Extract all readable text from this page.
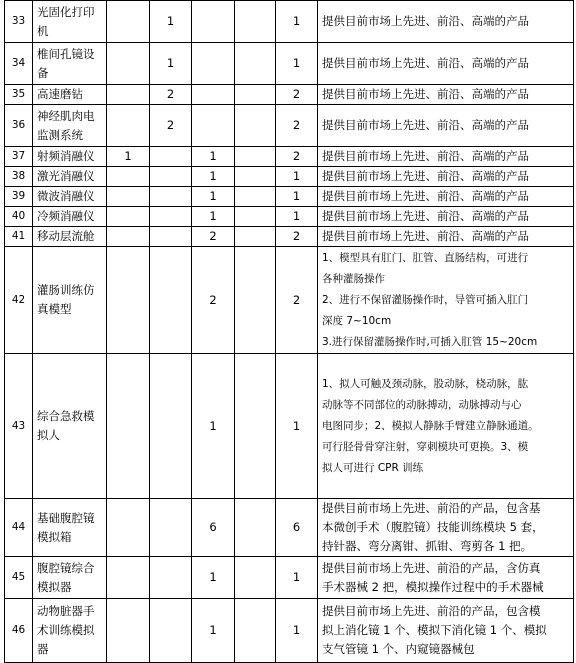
33	光固化打印
机		1			1	提供目前市场上先进、前沿、高端的产品

34	椎间孔镜设
备		1			1	提供目前市场上先进、前沿、高端的产品

35	高速磨钻		2			2	提供目前市场上先进、前沿、高端的产品

36	神经肌肉电
监测系统		2			2	提供目前市场上先进、前沿、高端的产品

37	射频消融仪	1		1		2	提供目前市场上先进、前沿、高端的产品

38	激光消融仪			1		1	提供目前市场上先进、前沿、高端的产品

39	微波消融仪			1		1	提供目前市场上先进、前沿、高端的产品

40	冷频消融仪			1		1	提供目前市场上先进、前沿、高端的产品

41	移动层流舱			2		2	提供目前市场上先进、前沿、高端的产品

42	灌肠训练仿
真模型			2		2	1、模型具有肛门、肛管、直肠结构，可进行
各种灌肠操作
2、进行不保留灌肠操作时，导管可插入肛门
深度 7~10cm
3.进行保留灌肠操作时,可插入肛管 15~20cm

43	综合急救模
拟人			1		1	1、拟人可触及颈动脉，股动脉，桡动脉，肱
动脉等不同部位的动脉搏动，动脉搏动与心
电图同步；2、模拟人静脉手臂建立静脉通道。
可行胫骨骨穿注射，穿刺模块可更换。3、模
拟人可进行 CPR 训练

44	基础腹腔镜
模拟箱			6		6	提供目前市场上先进、前沿的产品，包含基
本微创手术（腹腔镜）技能训练模块 5 套，
持针器、弯分离钳、抓钳、弯剪各 1 把。

45	腹腔镜综合
模拟器			1		1	提供目前市场上先进、前沿的产品，含仿真
手术器械 2 把，模拟操作过程中的手术器械

46	动物脏器手
术训练模拟
器			1		1	提供目前市场上先进、前沿的产品，包含模
拟上消化镜 1 个、模拟下消化镜 1 个、模拟
支气管镜 1 个、内窥镜器械包
